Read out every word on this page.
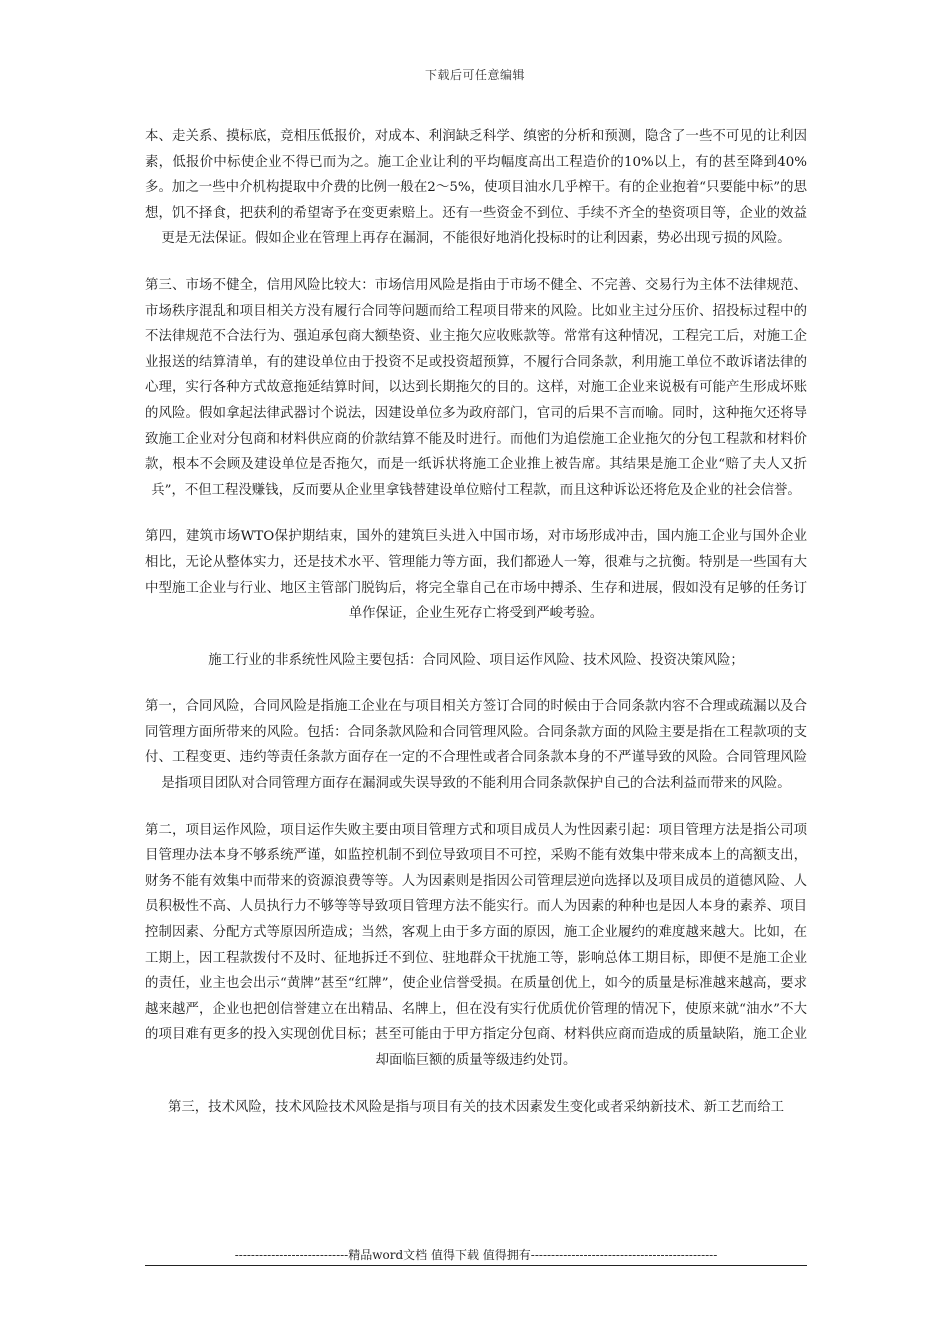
下载后可任意编辑

本、走关系、摸标底，竞相压低报价，对成本、利润缺乏科学、缜密的分析和预测，隐含了一些不可见的让利因素，低报价中标使企业不得已而为之。施工企业让利的平均幅度高出工程造价的10%以上，有的甚至降到40%多。加之一些中介机构提取中介费的比例一般在2～5%，使项目油水几乎榨干。有的企业抱着“只要能中标”的思想，饥不择食，把获利的希望寄予在变更索赔上。还有一些资金不到位、手续不齐全的垫资项目等，企业的效益更是无法保证。假如企业在管理上再存在漏洞，不能很好地消化投标时的让利因素，势必出现亏损的风险。

第三、市场不健全，信用风险比较大：市场信用风险是指由于市场不健全、不完善、交易行为主体不法律规范、市场秩序混乱和项目相关方没有履行合同等问题而给工程项目带来的风险。比如业主过分压价、招投标过程中的不法律规范不合法行为、强迫承包商大额垫资、业主拖欠应收账款等。常常有这种情况，工程完工后，对施工企业报送的结算清单，有的建设单位由于投资不足或投资超预算，不履行合同条款，利用施工单位不敢诉诸法律的心理，实行各种方式故意拖延结算时间，以达到长期拖欠的目的。这样，对施工企业来说极有可能产生形成坏账的风险。假如拿起法律武器讨个说法，因建设单位多为政府部门，官司的后果不言而喻。同时，这种拖欠还将导致施工企业对分包商和材料供应商的价款结算不能及时进行。而他们为追偿施工企业拖欠的分包工程款和材料价款，根本不会顾及建设单位是否拖欠，而是一纸诉状将施工企业推上被告席。其结果是施工企业“赔了夫人又折兵”，不但工程没赚钱，反而要从企业里拿钱替建设单位赔付工程款，而且这种诉讼还将危及企业的社会信誉。

第四，建筑市场WTO保护期结束，国外的建筑巨头进入中国市场，对市场形成冲击，国内施工企业与国外企业相比，无论从整体实力，还是技术水平、管理能力等方面，我们都逊人一筹，很难与之抗衡。特别是一些国有大中型施工企业与行业、地区主管部门脱钩后，将完全靠自己在市场中搏杀、生存和进展，假如没有足够的任务订单作保证，企业生死存亡将受到严峻考验。

施工行业的非系统性风险主要包括：合同风险、项目运作风险、技术风险、投资决策风险；

第一，合同风险，合同风险是指施工企业在与项目相关方签订合同的时候由于合同条款内容不合理或疏漏以及合同管理方面所带来的风险。包括：合同条款风险和合同管理风险。合同条款方面的风险主要是指在工程款项的支付、工程变更、违约等责任条款方面存在一定的不合理性或者合同条款本身的不严谨导致的风险。合同管理风险是指项目团队对合同管理方面存在漏洞或失误导致的不能利用合同条款保护自己的合法利益而带来的风险。

第二，项目运作风险，项目运作失败主要由项目管理方式和项目成员人为性因素引起：项目管理方法是指公司项目管理办法本身不够系统严谨，如监控机制不到位导致项目不可控，采购不能有效集中带来成本上的高额支出，财务不能有效集中而带来的资源浪费等等。人为因素则是指因公司管理层逆向选择以及项目成员的道德风险、人员积极性不高、人员执行力不够等等导致项目管理方法不能实行。而人为因素的种种也是因人本身的素养、项目控制因素、分配方式等原因所造成；当然，客观上由于多方面的原因，施工企业履约的难度越来越大。比如，在工期上，因工程款拨付不及时、征地拆迁不到位、驻地群众干扰施工等，影响总体工期目标，即便不是施工企业的责任，业主也会出示“黄牌”甚至“红牌”，使企业信誉受损。在质量创优上，如今的质量是标准越来越高，要求越来越严，企业也把创信誉建立在出精品、名牌上，但在没有实行优质优价管理的情况下，使原来就“油水”不大的项目难有更多的投入实现创优目标；甚至可能由于甲方指定分包商、材料供应商而造成的质量缺陷，施工企业却面临巨额的质量等级违约处罚。

第三，技术风险，技术风险技术风险是指与项目有关的技术因素发生变化或者采纳新技术、新工艺而给工

----------------------------精品word文档 值得下载 值得拥有----------------------------------------------
